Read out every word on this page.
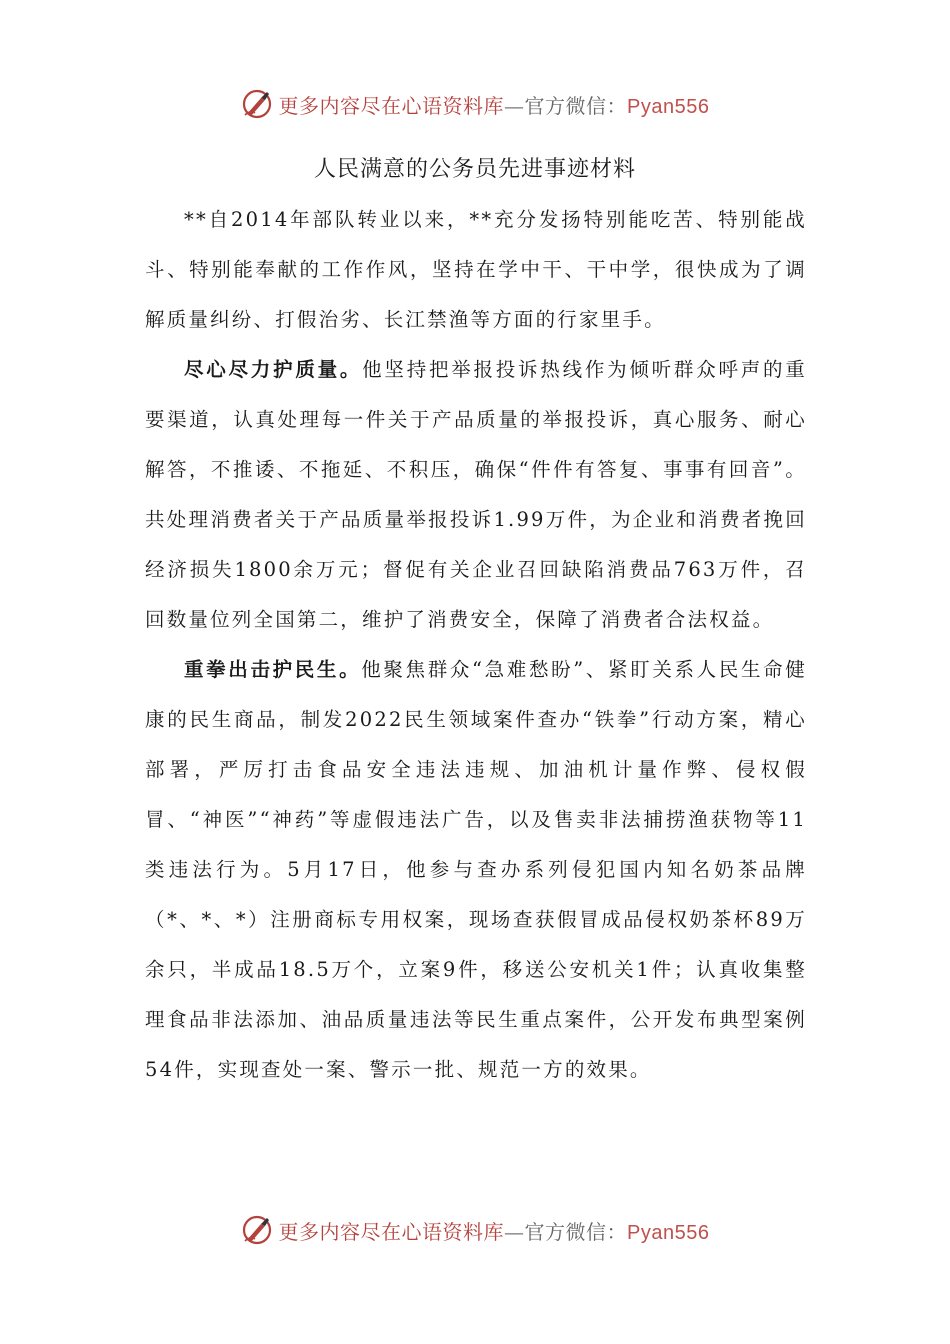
更多内容尽在心语资料库—官方微信：Pyan556
人民满意的公务员先进事迹材料

**自2014年部队转业以来，**充分发扬特别能吃苦、特别能战斗、特别能奉献的工作作风，坚持在学中干、干中学，很快成为了调解质量纠纷、打假治劣、长江禁渔等方面的行家里手。

尽心尽力护质量。他坚持把举报投诉热线作为倾听群众呼声的重要渠道，认真处理每一件关于产品质量的举报投诉，真心服务、耐心解答，不推诿、不拖延、不积压，确保“件件有答复、事事有回音”。共处理消费者关于产品质量举报投诉1.99万件，为企业和消费者挽回经济损失1800余万元；督促有关企业召回缺陷消费品763万件，召回数量位列全国第二，维护了消费安全，保障了消费者合法权益。

重拳出击护民生。他聚焦群众“急难愁盼”、紧盯关系人民生命健康的民生商品，制发2022民生领域案件查办“铁拳”行动方案，精心部署，严厉打击食品安全违法违规、加油机计量作弊、侵权假冒、“神医”“神药”等虚假违法广告，以及售卖非法捕捞渔获物等11类违法行为。5月17日，他参与查办系列侵犯国内知名奶茶品牌（*、*、*）注册商标专用权案，现场查获假冒成品侵权奶茶杯89万余只，半成品18.5万个，立案9件，移送公安机关1件；认真收集整理食品非法添加、油品质量违法等民生重点案件，公开发布典型案例54件，实现查处一案、警示一批、规范一方的效果。

更多内容尽在心语资料库—官方微信：Pyan556
